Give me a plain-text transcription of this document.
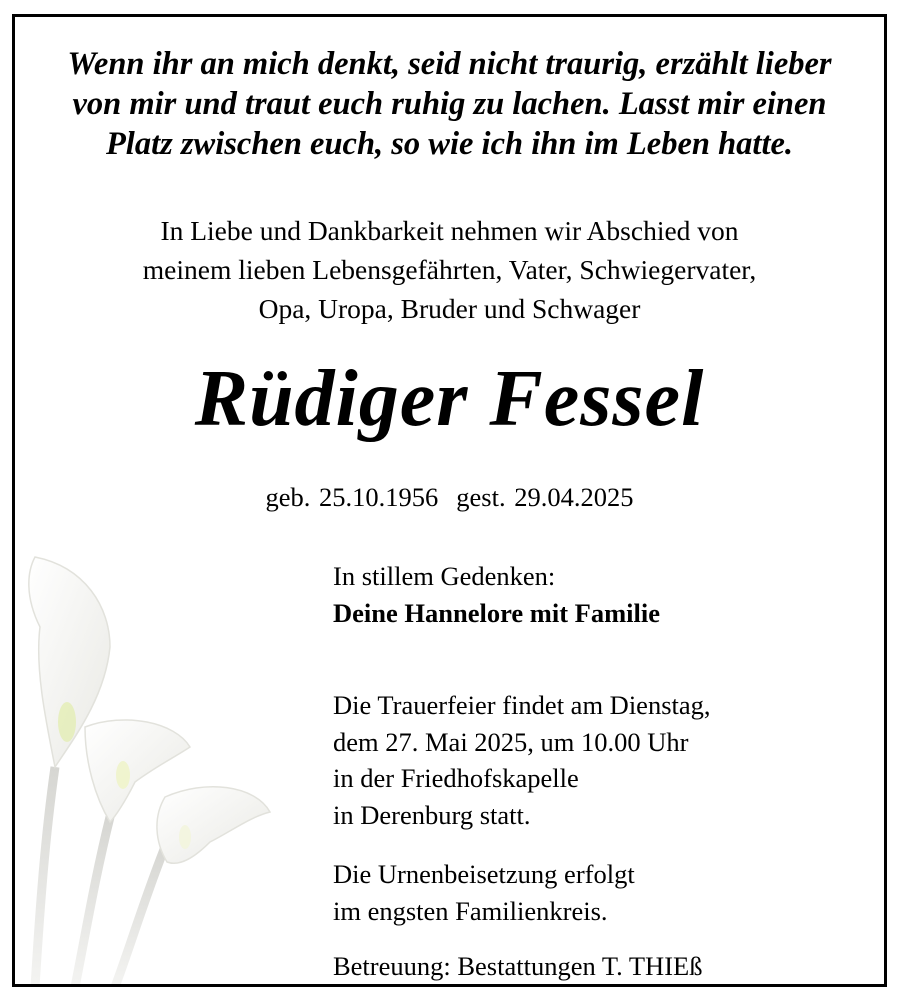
Wenn ihr an mich denkt, seid nicht traurig, erzählt lieber
von mir und traut euch ruhig zu lachen. Lasst mir einen
Platz zwischen euch, so wie ich ihn im Leben hatte.
In Liebe und Dankbarkeit nehmen wir Abschied von
meinem lieben Lebensgefährten, Vater, Schwiegervater,
Opa, Uropa, Bruder und Schwager
Rüdiger Fessel
geb. 25.10.1956 gest. 29.04.2025
In stillem Gedenken:
Deine Hannelore mit Familie
Die Trauerfeier findet am Dienstag,
dem 27. Mai 2025, um 10.00 Uhr
in der Friedhofskapelle
in Derenburg statt.
Die Urnenbeisetzung erfolgt
im engsten Familienkreis.
Betreuung: Bestattungen T. THIEß
